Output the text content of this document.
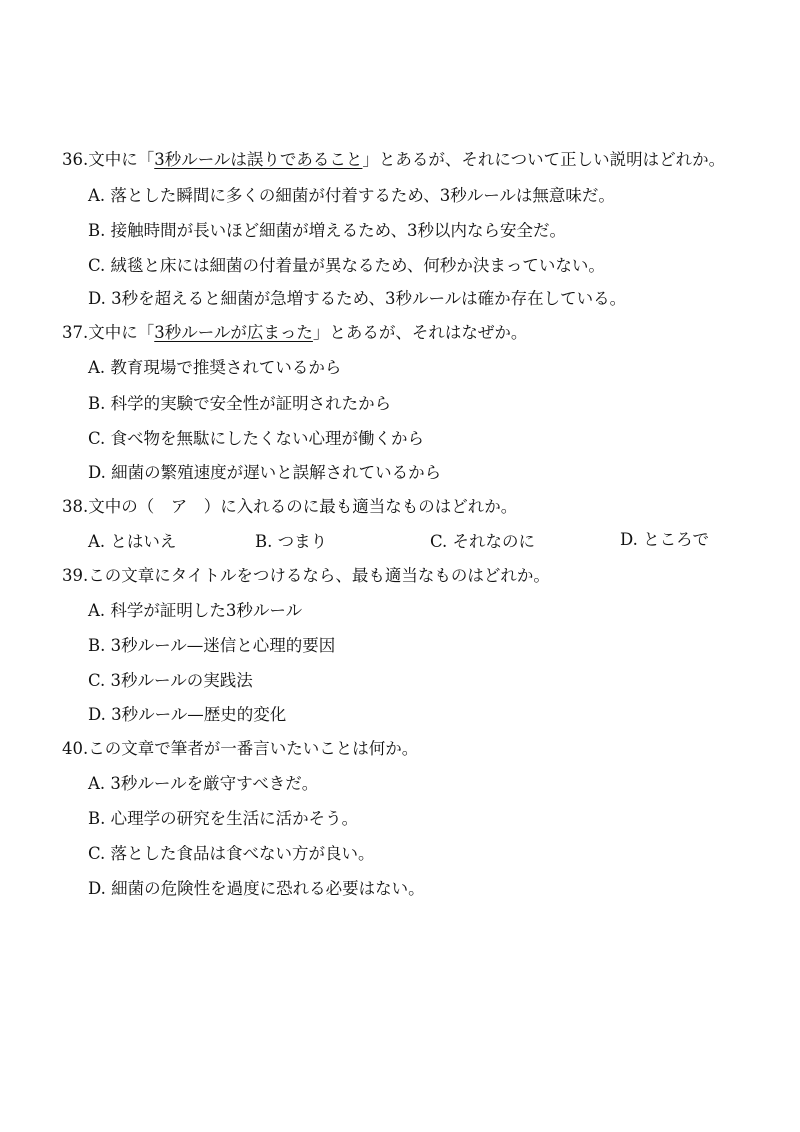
36.文中に「3秒ルールは誤りであること」とあるが、それについて正しい説明はどれか。
A. 落とした瞬間に多くの細菌が付着するため、3秒ルールは無意味だ。
B. 接触時間が長いほど細菌が増えるため、3秒以内なら安全だ。
C. 絨毯と床には細菌の付着量が異なるため、何秒か決まっていない。
D. 3秒を超えると細菌が急増するため、3秒ルールは確か存在している。
37.文中に「3秒ルールが広まった」とあるが、それはなぜか。
A. 教育現場で推奨されているから
B. 科学的実験で安全性が証明されたから
C. 食べ物を無駄にしたくない心理が働くから
D. 細菌の繁殖速度が遅いと誤解されているから
38.文中の（　ア　）に入れるのに最も適当なものはどれか。
A. とはいえ	B. つまり	C. それなのに	D. ところで
39.この文章にタイトルをつけるなら、最も適当なものはどれか。
A. 科学が証明した3秒ルール
B. 3秒ルール—迷信と心理的要因
C. 3秒ルールの実践法
D. 3秒ルール—歴史的変化
40.この文章で筆者が一番言いたいことは何か。
A. 3秒ルールを厳守すべきだ。
B. 心理学の研究を生活に活かそう。
C. 落とした食品は食べない方が良い。
D. 細菌の危険性を過度に恐れる必要はない。
